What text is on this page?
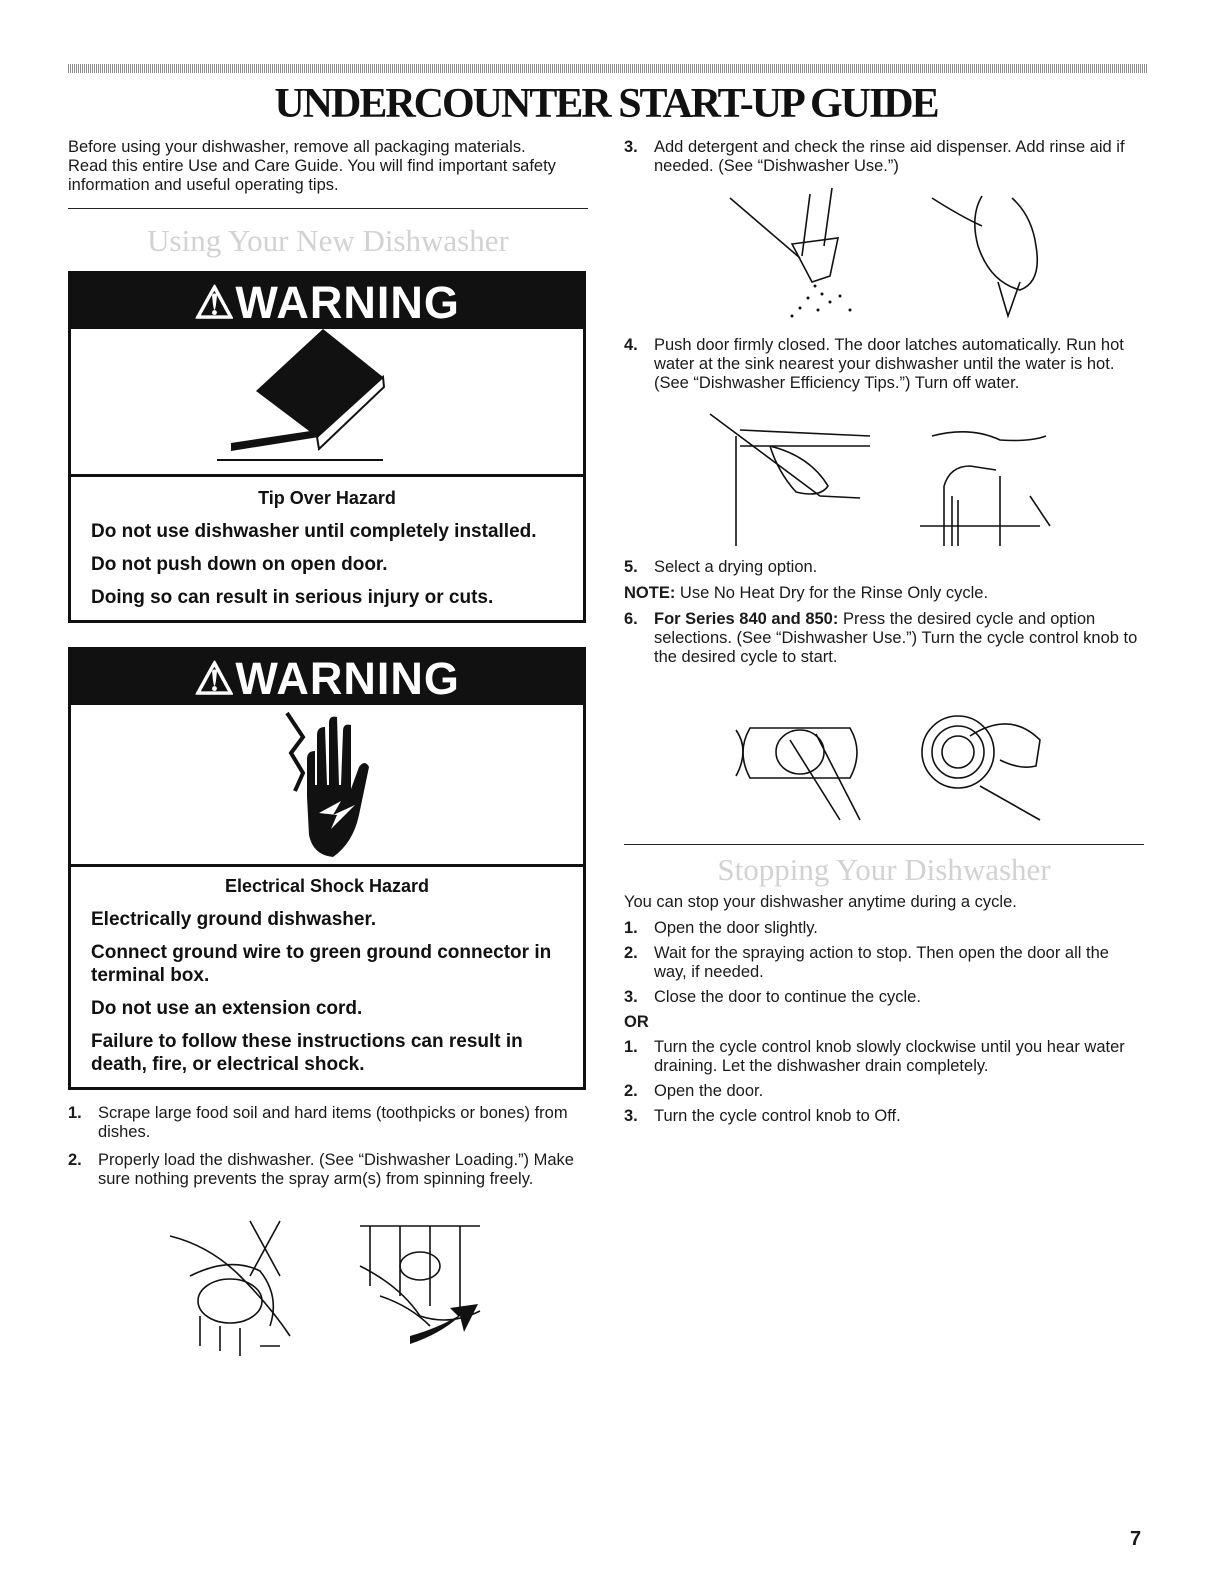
UNDERCOUNTER START-UP GUIDE

Before using your dishwasher, remove all packaging materials. Read this entire Use and Care Guide. You will find important safety information and useful operating tips.

Using Your New Dishwasher
⚠WARNING

Tip Over Hazard

Do not use dishwasher until completely installed.

Do not push down on open door.

Doing so can result in serious injury or cuts.

⚠WARNING

Electrical Shock Hazard

Electrically ground dishwasher.

Connect ground wire to green ground connector in terminal box.

Do not use an extension cord.

Failure to follow these instructions can result in death, fire, or electrical shock.

1. Scrape large food soil and hard items (toothpicks or bones) from dishes.
2. Properly load the dishwasher. (See “Dishwasher Loading.”) Make sure nothing prevents the spray arm(s) from spinning freely.
3. Add detergent and check the rinse aid dispenser. Add rinse aid if needed. (See “Dishwasher Use.”)
4. Push door firmly closed. The door latches automatically. Run hot water at the sink nearest your dishwasher until the water is hot. (See “Dishwasher Efficiency Tips.”) Turn off water.
5. Select a drying option.

NOTE: Use No Heat Dry for the Rinse Only cycle.

6. For Series 840 and 850: Press the desired cycle and option selections. (See “Dishwasher Use.”) Turn the cycle control knob to the desired cycle to start.
Stopping Your Dishwasher

You can stop your dishwasher anytime during a cycle.

1. Open the door slightly.
2. Wait for the spraying action to stop. Then open the door all the way, if needed.
3. Close the door to continue the cycle.

OR

1. Turn the cycle control knob slowly clockwise until you hear water draining. Let the dishwasher drain completely.
2. Open the door.
3. Turn the cycle control knob to Off.
7
